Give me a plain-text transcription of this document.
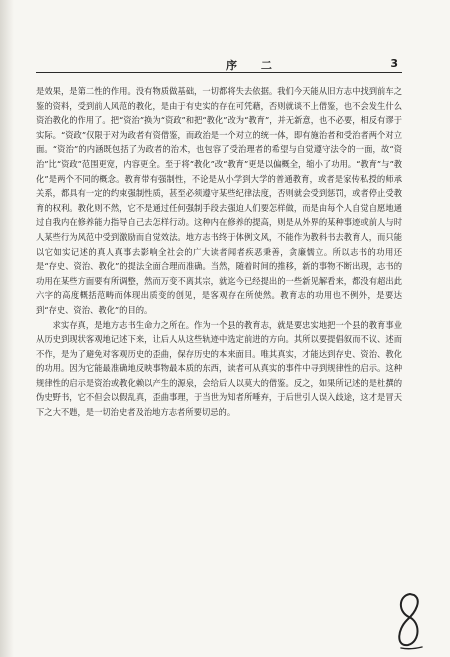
序 二	3

是效果，是第二性的作用。没有物质做基础，一切都将失去依据。我们今天能从旧方志中找到前车之鉴的资料，受到前人风范的教化，是由于有史实的存在可凭藉，否则就谈不上借鉴，也不会发生什么资治教化的作用了。把“资治”换为“资政”和把“教化”改为“教育”，并无新意，也不必要，相反有谬于实际。“资政”仅限于对为政者有资借鉴，而政治是一个对立的统一体，即有施治者和受治者两个对立面。“资治”的内涵既包括了为政者的治术，也包容了受治理者的希望与自觉遵守法令的一面，故“资治”比“资政”范围更宽，内容更全。至于将“教化”改“教育”更是以偏概全，缩小了功用。“教育”与“教化”是两个不同的概念。教育带有强制性，不论是从小学到大学的普通教育，或者是家传私授的师承关系，都具有一定的约束强制性质，甚至必须遵守某些纪律法度，否则就会受到惩罚，或者停止受教育的权利。教化则不然，它不是通过任何强制手段去强迫人们要怎样做，而是由每个人自觉自愿地通过自我内在修养能力指导自己去怎样行动。这种内在修养的提高，则是从外界的某种事迹或前人与时人某些行为风范中受到激励而自觉效法。地方志书终于体例文风，不能作为教科书去教育人，而只能以它如实记述的真人真事去影响全社会的广大读者闻者疾恶秉善，贪廉懦立。所以志书的功用还是“存史、资治、教化”的提法全面合理而准确。当然，随着时间的推移，新的事物不断出现，志书的功用在某些方面要有所调整，然而万变不离其宗，就迄今已经提出的一些新见解看来，都没有超出此六字的高度概括范畴而体现出质变的创见，是客观存在所使然。教育志的功用也不例外，是要达到“存史、资治、教化”的目的。

求实存真，是地方志书生命力之所在。作为一个县的教育志，就是要忠实地把一个县的教育事业从历史到现状客观地记述下来，让后人从这些轨迹中选定前进的方向。其所以要提倡叙而不议、述而不作，是为了避免对客观历史的歪曲，保存历史的本来面目。唯其真实，才能达到存史、资治、教化的功用。因为它能最准确地反映事物最本质的东西，读者可从真实的事件中寻到规律性的启示。这种规律性的启示是资治或教化赖以产生的源泉，会给后人以莫大的借鉴。反之，如果所记述的是杜撰的伪史野书，它不但会以假乱真，歪曲事理，于当世为知者所唾弃，于后世引人误入歧途，这才是冒天下之大不韪，是一切治史者及治地方志者所要切忌的。
